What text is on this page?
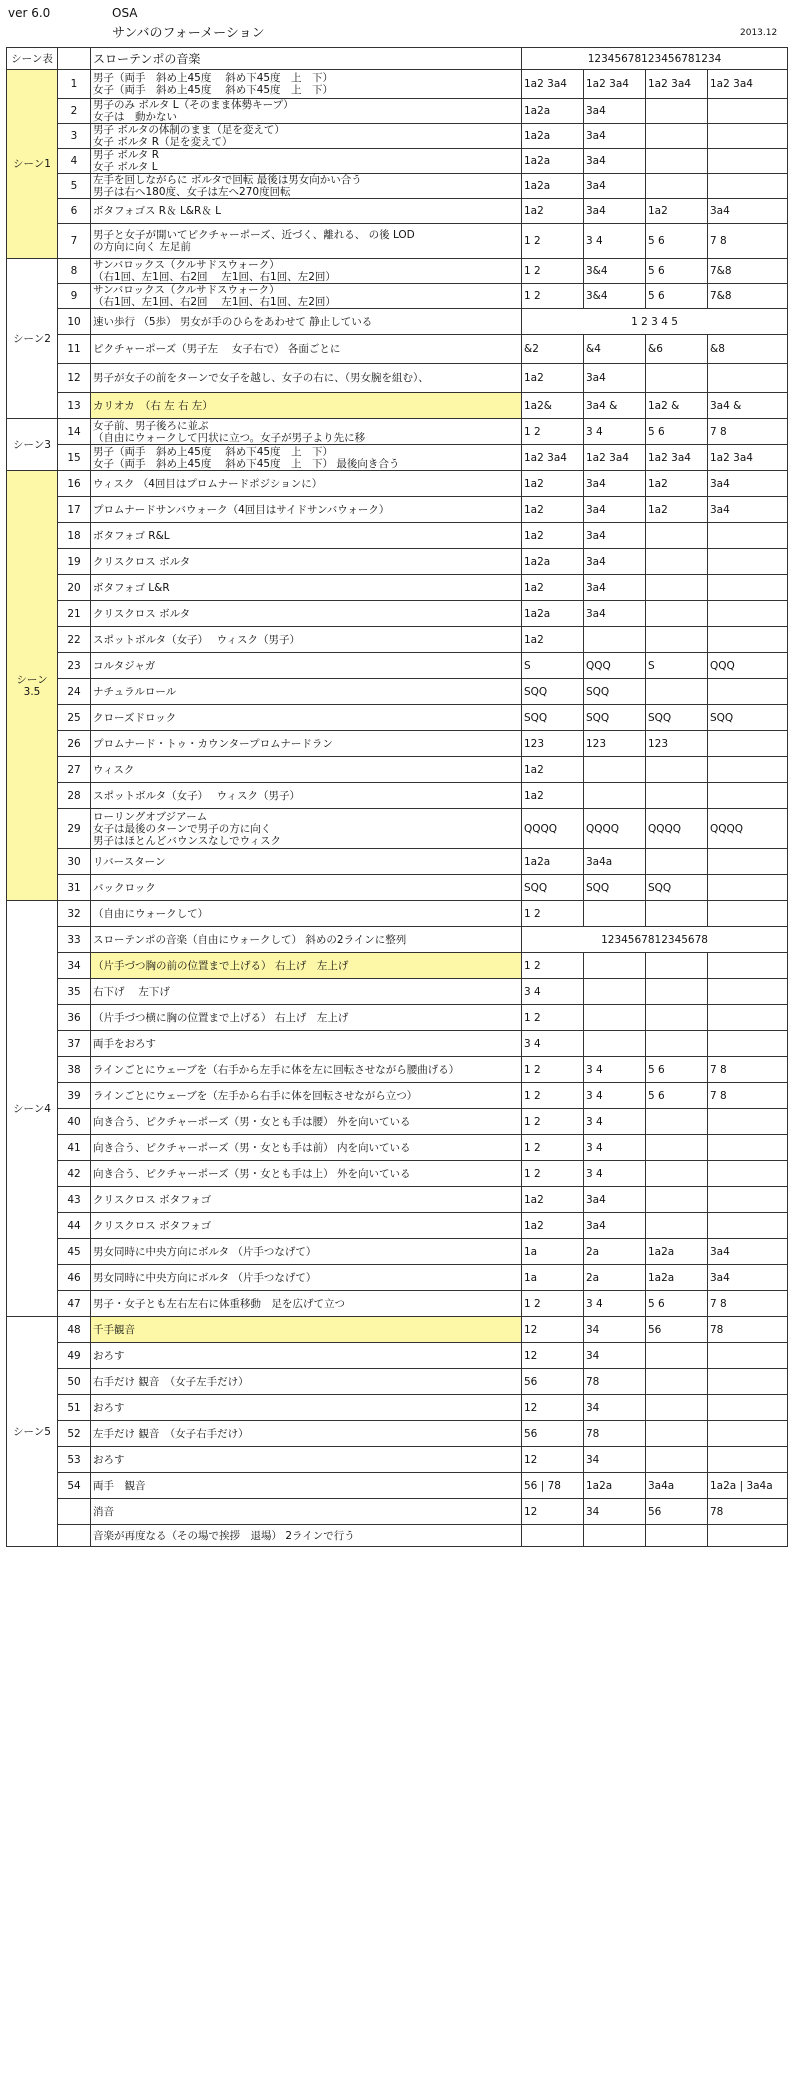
ver 6.0	OSA
サンバのフォーメーション	2013.12
シーン表		スローテンポの音楽	12345678123456781234			
シーン1	1	男子（両手　斜め上45度　 斜め下45度　上　下）
女子（両手　斜め上45度　 斜め下45度　上　下）	1a2 3a4	1a2 3a4	1a2 3a4	1a2 3a4
	2	男子のみ ボルタ L（そのまま体勢キープ）
女子は　動かない	1a2a	3a4		
	3	男子 ボルタの体制のまま（足を変えて）
女子 ボルタ R（足を変えて）	1a2a	3a4		
	4	男子 ボルタ R
女子 ボルタ L	1a2a	3a4		
	5	左手を回しながらに ボルタで回転 最後は男女向かい合う
男子は右へ180度、女子は左へ270度回転	1a2a	3a4		
	6	ボタフォゴス R＆ L&R＆ L	1a2	3a4	1a2	3a4
	7	男子と女子が開いてピクチャーポーズ、近づく、離れる、 の後 LOD
の方向に向く 左足前	1 2	3 4	5 6	7 8
シーン2	8	サンバロックス（クルサドスウォーク）
（右1回、左1回、右2回　 左1回、右1回、左2回）	1 2	3&4	5 6	7&8
	9	サンバロックス（クルサドスウォーク）
（右1回、左1回、右2回　 左1回、右1回、左2回）	1 2	3&4	5 6	7&8
	10	速い歩行 （5歩） 男女が手のひらをあわせて 静止している	1 2 3 4 5			
	11	ピクチャーポーズ（男子左　 女子右で） 各面ごとに	&2	&4	&6	&8
	12	男子が女子の前をターンで女子を越し、女子の右に、（男女腕を組む）、	1a2	3a4		
	13	カリオカ　（右 左 右 左）	1a2&	3a4 &	1a2 &	3a4 &
シーン3	14	女子前、男子後ろに並ぶ
（自由にウォークして円状に立つ。女子が男子より先に移	1 2	3 4	5 6	7 8
	15	男子（両手　斜め上45度　 斜め下45度　上　下）
女子（両手　斜め上45度　 斜め下45度　上　下） 最後向き合う	1a2 3a4	1a2 3a4	1a2 3a4	1a2 3a4
シーン3.5	16	ウィスク （4回目はプロムナードポジションに）	1a2	3a4	1a2	3a4
	17	プロムナードサンバウォーク（4回目はサイドサンバウォーク）	1a2	3a4	1a2	3a4
	18	ボタフォゴ R&L	1a2	3a4		
	19	クリスクロス ボルタ	1a2a	3a4		
	20	ボタフォゴ L&R	1a2	3a4		
	21	クリスクロス ボルタ	1a2a	3a4		
	22	スポットボルタ（女子）　 ウィスク（男子）	1a2			
	23	コルタジャガ	S	QQQ	S	QQQ
	24	ナチュラルロール	SQQ	SQQ		
	25	クローズドロック	SQQ	SQQ	SQQ	SQQ
	26	プロムナード・トゥ・カウンタープロムナードラン	123	123	123	
	27	ウィスク	1a2			
	28	スポットボルタ（女子）　 ウィスク（男子）	1a2			
	29	ローリングオブジアーム
女子は最後のターンで男子の方に向く
男子はほとんどバウンスなしでウィスク	QQQQ	QQQQ	QQQQ	QQQQ
	30	リバースターン	1a2a	3a4a		
	31	バックロック	SQQ	SQQ	SQQ	
シーン4	32	（自由にウォークして）	1 2			
	33	スローテンポの音楽（自由にウォークして） 斜めの2ラインに整列	1234567812345678			
	34	（片手づつ胸の前の位置まで上げる） 右上げ　左上げ	1 2			
	35	右下げ　 左下げ	3 4			
	36	（片手づつ横に胸の位置まで上げる） 右上げ　左上げ	1 2			
	37	両手をおろす	3 4			
	38	ラインごとにウェーブを（右手から左手に体を左に回転させながら腰曲げる）	1 2	3 4	5 6	7 8
	39	ラインごとにウェーブを（左手から右手に体を回転させながら立つ）	1 2	3 4	5 6	7 8
	40	向き合う、ピクチャーポーズ（男・女とも手は腰） 外を向いている	1 2	3 4		
	41	向き合う、ピクチャーポーズ（男・女とも手は前） 内を向いている	1 2	3 4		
	42	向き合う、ピクチャーポーズ（男・女とも手は上） 外を向いている	1 2	3 4		
	43	クリスクロス ボタフォゴ	1a2	3a4		
	44	クリスクロス ボタフォゴ	1a2	3a4		
	45	男女同時に中央方向にボルタ （片手つなげて）	1a	2a	1a2a	3a4
	46	男女同時に中央方向にボルタ （片手つなげて）	1a	2a	1a2a	3a4
	47	男子・女子とも左右左右に体重移動　足を広げて立つ	1 2	3 4	5 6	7 8
シーン5	48	千手観音	12	34	56	78
	49	おろす	12	34		
	50	右手だけ 観音　（女子左手だけ）	56	78		
	51	おろす	12	34		
	52	左手だけ 観音　（女子右手だけ）	56	78		
	53	おろす	12	34		
	54	両手　観音	56 | 78	1a2a	3a4a	1a2a | 3a4a
		消音	12	34	56	78
		音楽が再度なる（その場で挨拶　退場） 2ラインで行う				
